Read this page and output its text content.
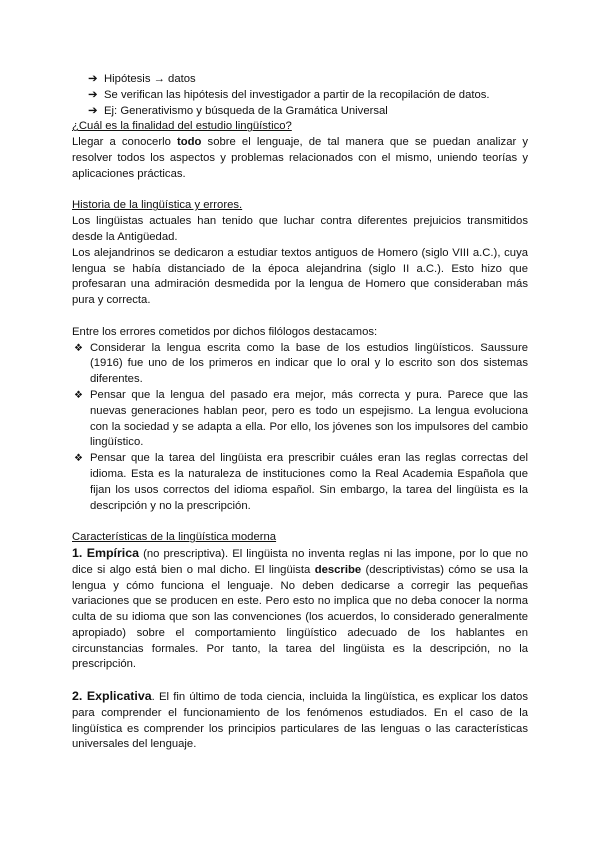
➔ Hipótesis → datos
➔ Se verifican las hipótesis del investigador a partir de la recopilación de datos.
➔ Ej: Generativismo y búsqueda de la Gramática Universal

¿Cuál es la finalidad del estudio lingüístico?

Llegar a conocerlo todo sobre el lenguaje, de tal manera que se puedan analizar y resolver todos los aspectos y problemas relacionados con el mismo, uniendo teorías y aplicaciones prácticas.

Historia de la lingüística y errores.

Los lingüistas actuales han tenido que luchar contra diferentes prejuicios transmitidos desde la Antigüedad.

Los alejandrinos se dedicaron a estudiar textos antiguos de Homero (siglo VIII a.C.), cuya lengua se había distanciado de la época alejandrina (siglo II a.C.). Esto hizo que profesaran una admiración desmedida por la lengua de Homero que consideraban más pura y correcta.

Entre los errores cometidos por dichos filólogos destacamos:

❖ Considerar la lengua escrita como la base de los estudios lingüísticos. Saussure (1916) fue uno de los primeros en indicar que lo oral y lo escrito son dos sistemas diferentes.
❖ Pensar que la lengua del pasado era mejor, más correcta y pura. Parece que las nuevas generaciones hablan peor, pero es todo un espejismo. La lengua evoluciona con la sociedad y se adapta a ella. Por ello, los jóvenes son los impulsores del cambio lingüístico.
❖ Pensar que la tarea del lingüista era prescribir cuáles eran las reglas correctas del idioma. Esta es la naturaleza de instituciones como la Real Academia Española que fijan los usos correctos del idioma español. Sin embargo, la tarea del lingüista es la descripción y no la prescripción.

Características de la lingüística moderna

1. Empírica (no prescriptiva). El lingüista no inventa reglas ni las impone, por lo que no dice si algo está bien o mal dicho. El lingüista describe (descriptivistas) cómo se usa la lengua y cómo funciona el lenguaje. No deben dedicarse a corregir las pequeñas variaciones que se producen en este. Pero esto no implica que no deba conocer la norma culta de su idioma que son las convenciones (los acuerdos, lo considerado generalmente apropiado) sobre el comportamiento lingüístico adecuado de los hablantes en circunstancias formales. Por tanto, la tarea del lingüista es la descripción, no la prescripción.

2. Explicativa. El fin último de toda ciencia, incluida la lingüística, es explicar los datos para comprender el funcionamiento de los fenómenos estudiados. En el caso de la lingüística es comprender los principios particulares de las lenguas o las características universales del lenguaje.
